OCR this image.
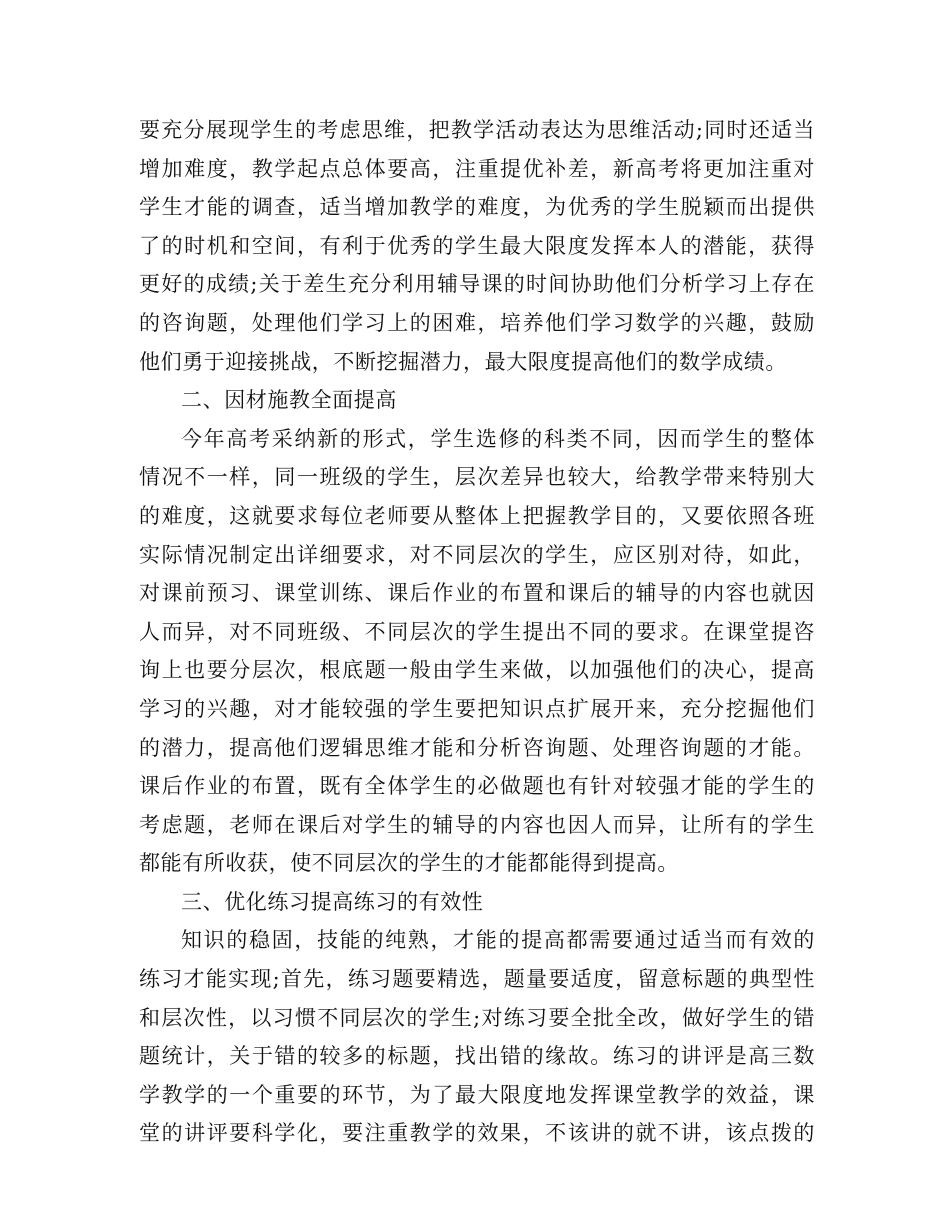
要充分展现学生的考虑思维，把教学活动表达为思维活动;同时还适当
增加难度，教学起点总体要高，注重提优补差，新高考将更加注重对
学生才能的调查，适当增加教学的难度，为优秀的学生脱颖而出提供
了的时机和空间，有利于优秀的学生最大限度发挥本人的潜能，获得
更好的成绩;关于差生充分利用辅导课的时间协助他们分析学习上存在
的咨询题，处理他们学习上的困难，培养他们学习数学的兴趣，鼓励
他们勇于迎接挑战，不断挖掘潜力，最大限度提高他们的数学成绩。
二、因材施教全面提高
今年高考采纳新的形式，学生选修的科类不同，因而学生的整体
情况不一样，同一班级的学生，层次差异也较大，给教学带来特别大
的难度，这就要求每位老师要从整体上把握教学目的，又要依照各班
实际情况制定出详细要求，对不同层次的学生，应区别对待，如此，
对课前预习、课堂训练、课后作业的布置和课后的辅导的内容也就因
人而异，对不同班级、不同层次的学生提出不同的要求。在课堂提咨
询上也要分层次，根底题一般由学生来做，以加强他们的决心，提高
学习的兴趣，对才能较强的学生要把知识点扩展开来，充分挖掘他们
的潜力，提高他们逻辑思维才能和分析咨询题、处理咨询题的才能。
课后作业的布置，既有全体学生的必做题也有针对较强才能的学生的
考虑题，老师在课后对学生的辅导的内容也因人而异，让所有的学生
都能有所收获，使不同层次的学生的才能都能得到提高。
三、优化练习提高练习的有效性
知识的稳固，技能的纯熟，才能的提高都需要通过适当而有效的
练习才能实现;首先，练习题要精选，题量要适度，留意标题的典型性
和层次性，以习惯不同层次的学生;对练习要全批全改，做好学生的错
题统计，关于错的较多的标题，找出错的缘故。练习的讲评是高三数
学教学的一个重要的环节，为了最大限度地发挥课堂教学的效益，课
堂的讲评要科学化，要注重教学的效果，不该讲的就不讲，该点拨的
